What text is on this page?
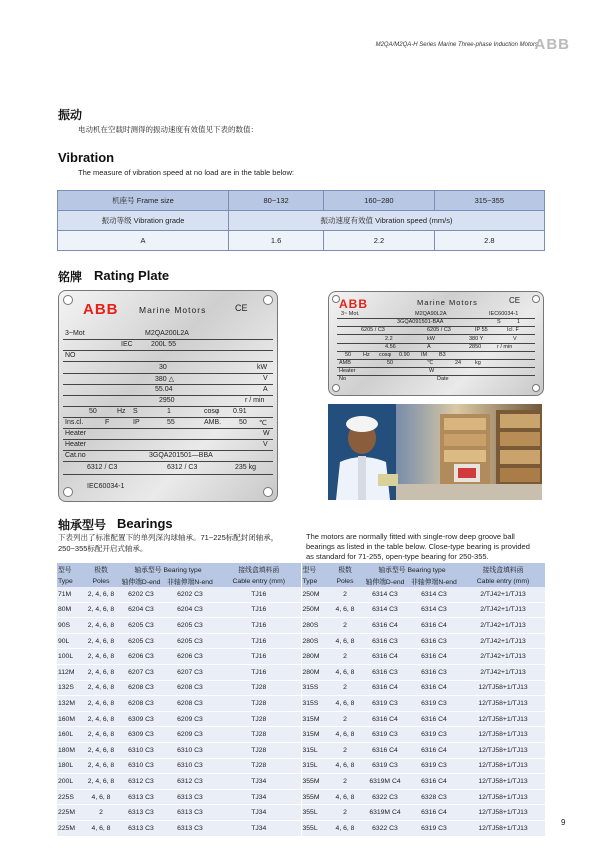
M2QA/M2QA-H Series Marine Three-phase Induction Motors
ABB
振动
电动机在空载时测得的振动速度有效值见下表的数值：
Vibration
The measure of vibration speed at no load are in the table below:
机座号 Frame size	80~132	160~280	315~355
振动等级 Vibration grade	振动速度有效值 Vibration speed (mm/s)		
A	1.6	2.2	2.8
铭牌 Rating Plate
ABB Marine Motors	CE
3~Mot	M2QA200L2A
IEC	200L 55
NO
30	kW
380 △	V
55.04	A
2950	r / min
50	Hz S	1	cosφ 0.91
Ins.cl.	F	IP	55	AMB.	50 ℃
Heater	W
Heater	V
Cat.no	3GQA201501—BBA
6312 / C3	6312 / C3	235 kg
IEC60034-1
ABB	Marine Motors	CE
3~ Mot.	M2QA90L2A	IEC60034-1
3GQA091501-BAA	S	1
6205 / C3	6205 / C3	IP 55	Icl. F
2.2	kW	380 Y	V
4.56	A	2850	r / min
50 Hz cosφ 0.90 IM B3
AMB	50	℃	24	kg
Heater	W
No	Date
轴承型号 Bearings
下表列出了标准配置下的单列深沟球轴承。71~225标配封闭轴承，
250~355标配开启式轴承。
The motors are normally fitted with single-row deep groove ball
bearings as listed in the table below. Close-type bearing is provided
as standard for 71-255, open-type bearing for 250-355.
型号	极数	轴承型号 Bearing type		接线盒填料函	型号	极数	轴承型号 Bearing type		接线盒填料函
Type	Poles	轴伸端D-end	非轴伸端N-end	Cable entry (mm)	Type	Poles	轴伸端D-end	非轴伸端N-end	Cable entry (mm)
71M	2, 4, 6, 8	6202 C3	6202 C3	TJ16	250M	2	6314 C3	6314 C3	2/TJ42+1/TJ13
80M	2, 4, 6, 8	6204 C3	6204 C3	TJ16	250M	4, 6, 8	6314 C3	6314 C3	2/TJ42+1/TJ13
90S	2, 4, 6, 8	6205 C3	6205 C3	TJ16	280S	2	6316 C4	6316 C4	2/TJ42+1/TJ13
90L	2, 4, 6, 8	6205 C3	6205 C3	TJ16	280S	4, 6, 8	6316 C3	6316 C3	2/TJ42+1/TJ13
100L	2, 4, 6, 8	6206 C3	6206 C3	TJ16	280M	2	6316 C4	6316 C4	2/TJ42+1/TJ13
112M	2, 4, 6, 8	6207 C3	6207 C3	TJ16	280M	4, 6, 8	6316 C3	6316 C3	2/TJ42+1/TJ13
132S	2, 4, 6, 8	6208 C3	6208 C3	TJ28	315S	2	6316 C4	6316 C4	12/TJ58+1/TJ13
132M	2, 4, 6, 8	6208 C3	6208 C3	TJ28	315S	4, 6, 8	6319 C3	6319 C3	12/TJ58+1/TJ13
160M	2, 4, 6, 8	6309 C3	6209 C3	TJ28	315M	2	6316 C4	6316 C4	12/TJ58+1/TJ13
160L	2, 4, 6, 8	6309 C3	6209 C3	TJ28	315M	4, 6, 8	6319 C3	6319 C3	12/TJ58+1/TJ13
180M	2, 4, 6, 8	6310 C3	6310 C3	TJ28	315L	2	6316 C4	6316 C4	12/TJ58+1/TJ13
180L	2, 4, 6, 8	6310 C3	6310 C3	TJ28	315L	4, 6, 8	6319 C3	6319 C3	12/TJ58+1/TJ13
200L	2, 4, 6, 8	6312 C3	6312 C3	TJ34	355M	2	6319M C4	6316 C4	12/TJ58+1/TJ13
225S	4, 6, 8	6313 C3	6313 C3	TJ34	355M	4, 6, 8	6322 C3	6328 C3	12/TJ58+1/TJ13
225M	2	6313 C3	6313 C3	TJ34	355L	2	6319M C4	6316 C4	12/TJ58+1/TJ13
225M	4, 6, 8	6313 C3	6313 C3	TJ34	355L	4, 6, 8	6322 C3	6319 C3	12/TJ58+1/TJ13
9
